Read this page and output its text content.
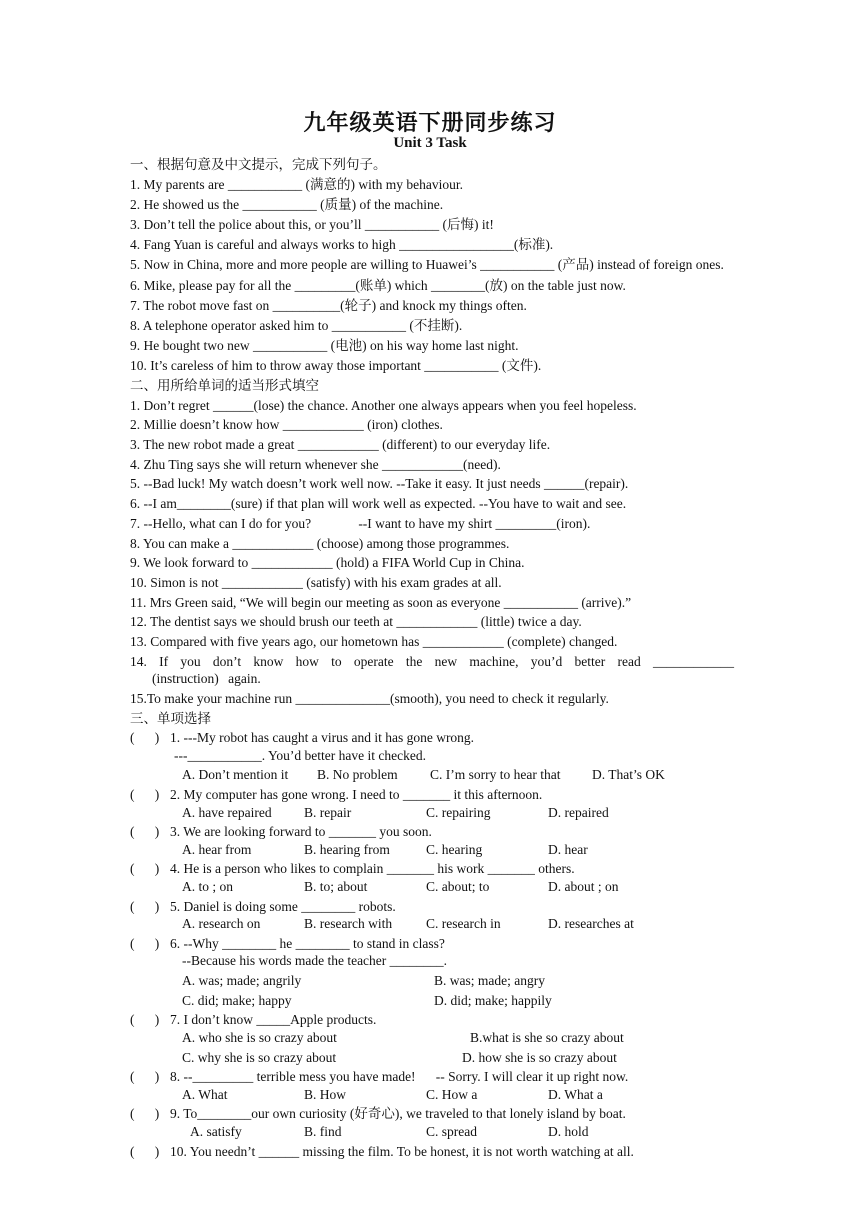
九年级英语下册同步练习
Unit 3 Task
一、根据句意及中文提示，完成下列句子。
1. My parents are ___________ (满意的) with my behaviour.
2. He showed us the ___________ (质量) of the machine.
3. Don’t tell the police about this, or you’ll ___________ (后悔) it!
4. Fang Yuan is careful and always works to high _________________(标准).
5. Now in China, more and more people are willing to Huawei’s ___________ (产品) instead of foreign ones.
6. Mike, please pay for all the _________(账单) which ________(放) on the table just now.
7. The robot move fast on __________(轮子) and knock my things often.
8. A telephone operator asked him to ___________ (不挂断).
9. He bought two new ___________ (电池) on his way home last night.
10. It’s careless of him to throw away those important ___________ (文件).
二、用所给单词的适当形式填空
1. Don’t regret ______(lose) the chance. Another one always appears when you feel hopeless.
2. Millie doesn’t know how ____________ (iron) clothes.
3. The new robot made a great ____________ (different) to our everyday life.
4. Zhu Ting says she will return whenever she ____________(need).
5. --Bad luck! My watch doesn’t work well now. --Take it easy. It just needs ______(repair).
6. --I am________(sure) if that plan will work well as expected. --You have to wait and see.
7. --Hello, what can I do for you?              --I want to have my shirt _________(iron).
8. You can make a ____________ (choose) among those programmes.
9. We look forward to ____________ (hold) a FIFA World Cup in China.
10. Simon is not ____________ (satisfy) with his exam grades at all.
11. Mrs Green said, “We will begin our meeting as soon as everyone ___________ (arrive).”
12. The dentist says we should brush our teeth at ____________ (little) twice a day.
13. Compared with five years ago, our hometown has ____________ (complete) changed.
14. If you don’t know how to operate the new machine, you’d better read ____________ (instruction) again.
15.To make your machine run ______________(smooth), you need to check it regularly.
三、单项选择
(      ) 1. ---My robot has caught a virus and it has gone wrong.
---___________. You’d better have it checked.
A. Don’t mention it	B. No problem	C. I’m sorry to hear that	D. That’s OK
(      ) 2. My computer has gone wrong. I need to _______ it this afternoon.
A. have repaired	B. repair	C. repairing	D. repaired
(      ) 3. We are looking forward to _______ you soon.
A. hear from	B. hearing from	C. hearing	D. hear
(      ) 4. He is a person who likes to complain _______ his work _______ others.
A. to ; on	B. to; about	C. about; to	D. about ; on
(      ) 5. Daniel is doing some ________ robots.
A. research on	B. research with	C. research in	D. researches at
(      ) 6. --Why ________ he ________ to stand in class?
--Because his words made the teacher ________.
A. was; made; angrily	B. was; made; angry
C. did; make; happy	D. did; make; happily
(      ) 7. I don’t know _____Apple products.
A. who she is so crazy about	B.what is she so crazy about
C. why she is so crazy about	D. how she is so crazy about
(      ) 8. --_________ terrible mess you have made!      -- Sorry. I will clear it up right now.
A. What	B. How	C. How a	D. What a
(      ) 9. To________our own curiosity (好奇心), we traveled to that lonely island by boat.
A. satisfy	B. find	C. spread	D. hold
(      ) 10. You needn’t ______ missing the film. To be honest, it is not worth watching at all.
